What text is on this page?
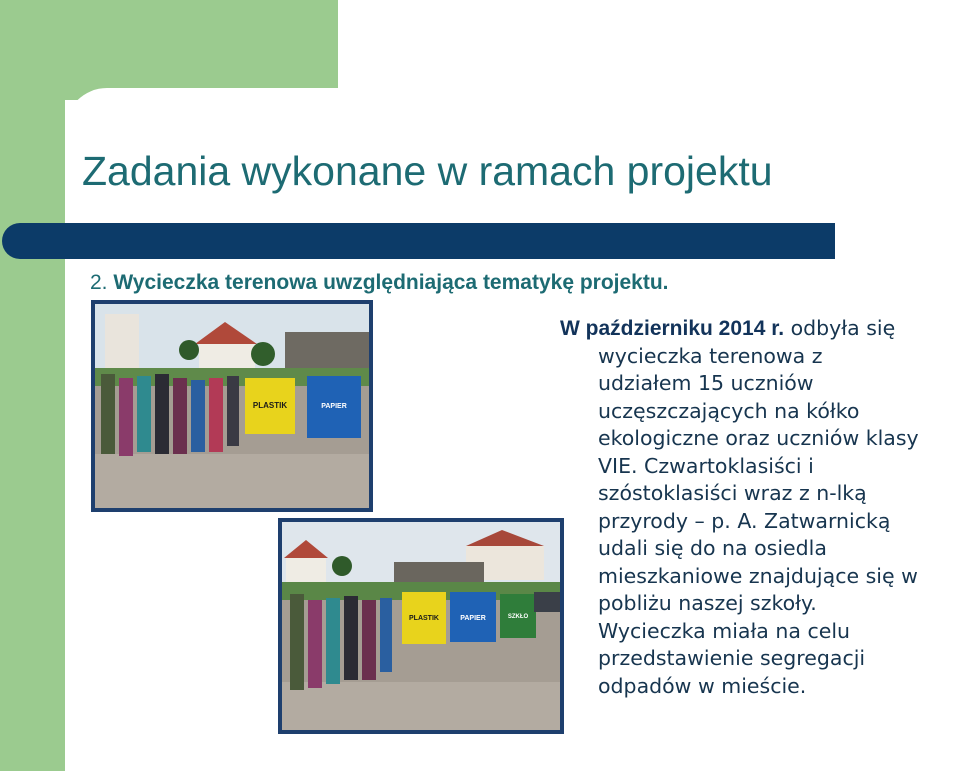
Zadania wykonane w ramach projektu

2. Wycieczka terenowa uwzględniająca tematykę projektu.

PLASTIK	PAPIER
PLASTIK	PAPIER	SZKŁO

W październiku 2014 r. odbyła się
wycieczka terenowa z
udziałem 15 uczniów
uczęszczających na kółko
ekologiczne oraz uczniów klasy
VIE. Czwartoklasiści i
szóstoklasiści wraz z n-lką
przyrody – p. A. Zatwarnicką
udali się do na osiedla
mieszkaniowe znajdujące się w
pobliżu naszej szkoły.
Wycieczka miała na celu
przedstawienie segregacji
odpadów w mieście.
